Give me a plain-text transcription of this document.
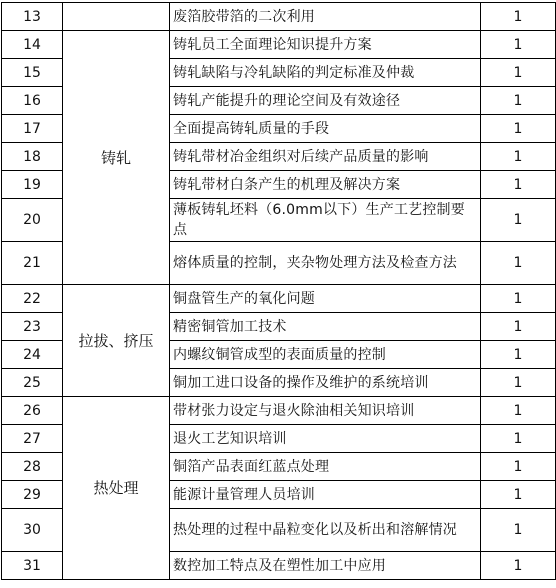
13		废箔胶带箔的二次利用	1
14	铸轧	铸轧员工全面理论知识提升方案	1
15		铸轧缺陷与冷轧缺陷的判定标准及仲裁	1
16		铸轧产能提升的理论空间及有效途径	1
17		全面提高铸轧质量的手段	1
18		铸轧带材冶金组织对后续产品质量的影响	1
19		铸轧带材白条产生的机理及解决方案	1
20		薄板铸轧坯料（6.0mm以下）生产工艺控制要点	1
21		熔体质量的控制，夹杂物处理方法及检查方法	1
22	拉拔、挤压	铜盘管生产的氧化问题	1
23		精密铜管加工技术	1
24		内螺纹铜管成型的表面质量的控制	1
25		铜加工进口设备的操作及维护的系统培训	1
26	热处理	带材张力设定与退火除油相关知识培训	1
27		退火工艺知识培训	1
28		铜箔产品表面红蓝点处理	1
29		能源计量管理人员培训	1
30		热处理的过程中晶粒变化以及析出和溶解情况	1
31		数控加工特点及在塑性加工中应用	1
